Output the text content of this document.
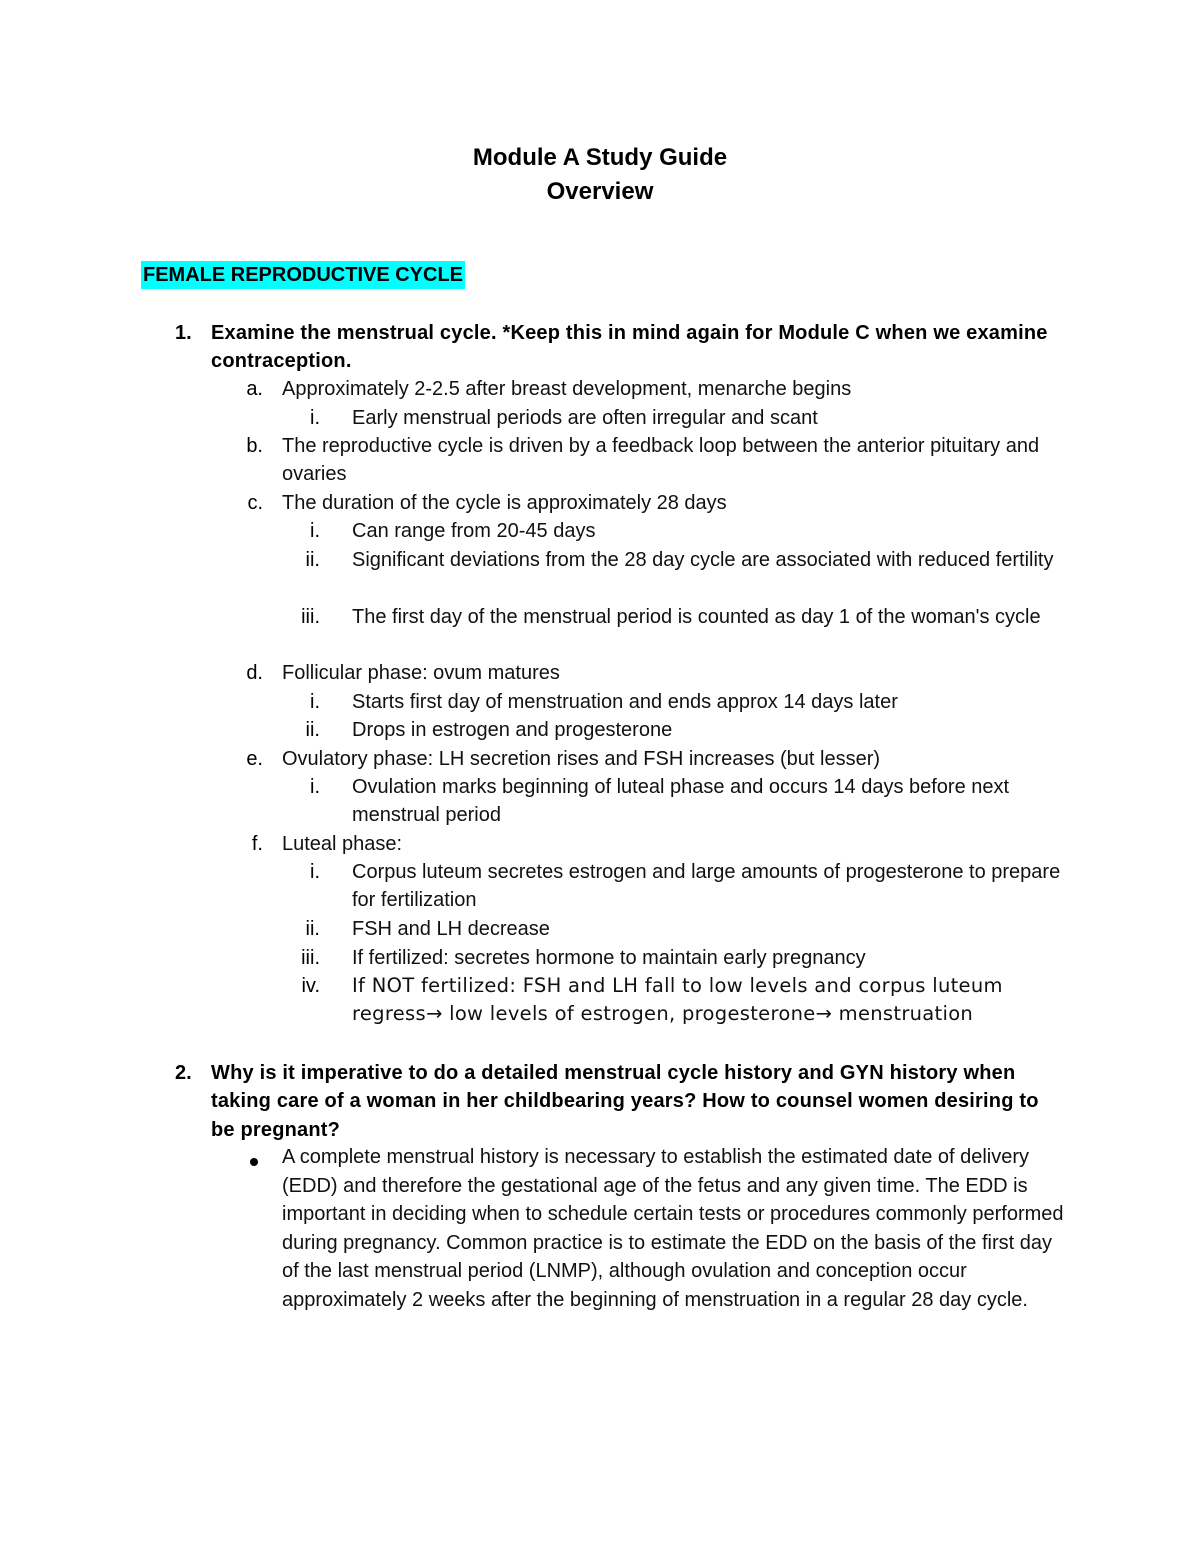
Module A Study Guide
Overview
FEMALE REPRODUCTIVE CYCLE
1. Examine the menstrual cycle. *Keep this in mind again for Module C when we examine contraception.
a. Approximately 2-2.5 after breast development, menarche begins
i. Early menstrual periods are often irregular and scant
b. The reproductive cycle is driven by a feedback loop between the anterior pituitary and ovaries
c. The duration of the cycle is approximately 28 days
i. Can range from 20-45 days
ii. Significant deviations from the 28 day cycle are associated with reduced fertility
iii. The first day of the menstrual period is counted as day 1 of the woman's cycle
d. Follicular phase: ovum matures
i. Starts first day of menstruation and ends approx 14 days later
ii. Drops in estrogen and progesterone
e. Ovulatory phase: LH secretion rises and FSH increases (but lesser)
i. Ovulation marks beginning of luteal phase and occurs 14 days before next menstrual period
f. Luteal phase:
i. Corpus luteum secretes estrogen and large amounts of progesterone to prepare for fertilization
ii. FSH and LH decrease
iii. If fertilized: secretes hormone to maintain early pregnancy
iv. If NOT fertilized: FSH and LH fall to low levels and corpus luteum regress→ low levels of estrogen, progesterone→ menstruation
2. Why is it imperative to do a detailed menstrual cycle history and GYN history when taking care of a woman in her childbearing years? How to counsel women desiring to be pregnant?
A complete menstrual history is necessary to establish the estimated date of delivery (EDD) and therefore the gestational age of the fetus and any given time. The EDD is important in deciding when to schedule certain tests or procedures commonly performed during pregnancy. Common practice is to estimate the EDD on the basis of the first day of the last menstrual period (LNMP), although ovulation and conception occur approximately 2 weeks after the beginning of menstruation in a regular 28 day cycle.
